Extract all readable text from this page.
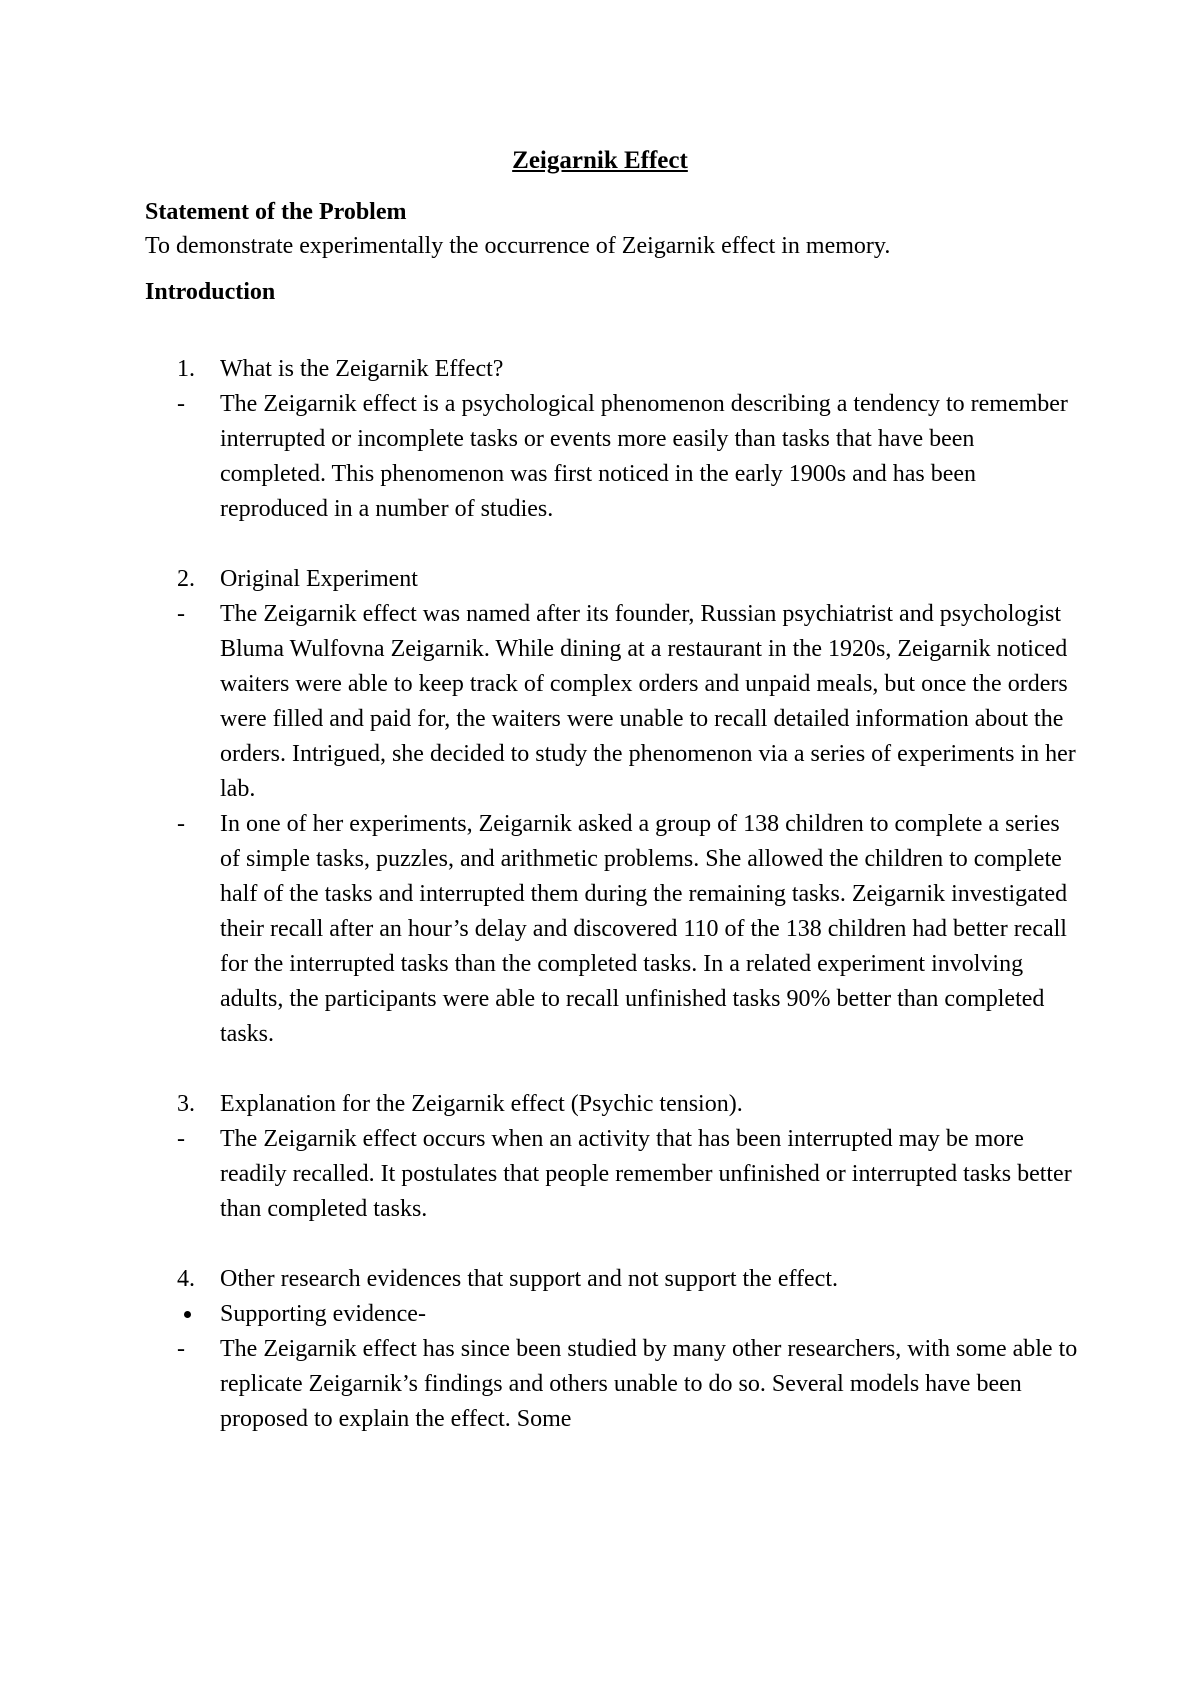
Zeigarnik Effect
Statement of the Problem
To demonstrate experimentally the occurrence of Zeigarnik effect in memory.
Introduction
1.	What is the Zeigarnik Effect?
-	The Zeigarnik effect is a psychological phenomenon describing a tendency to remember interrupted or incomplete tasks or events more easily than tasks that have been completed. This phenomenon was first noticed in the early 1900s and has been reproduced in a number of studies.
2.	Original Experiment
-	The Zeigarnik effect was named after its founder, Russian psychiatrist and psychologist Bluma Wulfovna Zeigarnik. While dining at a restaurant in the 1920s, Zeigarnik noticed waiters were able to keep track of complex orders and unpaid meals, but once the orders were filled and paid for, the waiters were unable to recall detailed information about the orders. Intrigued, she decided to study the phenomenon via a series of experiments in her lab.
-	In one of her experiments, Zeigarnik asked a group of 138 children to complete a series of simple tasks, puzzles, and arithmetic problems. She allowed the children to complete half of the tasks and interrupted them during the remaining tasks. Zeigarnik investigated their recall after an hour’s delay and discovered 110 of the 138 children had better recall for the interrupted tasks than the completed tasks. In a related experiment involving adults, the participants were able to recall unfinished tasks 90% better than completed tasks.
3.	Explanation for the Zeigarnik effect (Psychic tension).
-	The Zeigarnik effect occurs when an activity that has been interrupted may be more readily recalled. It postulates that people remember unfinished or interrupted tasks better than completed tasks.
4.	Other research evidences that support and not support the effect.
Supporting evidence-
-	The Zeigarnik effect has since been studied by many other researchers, with some able to replicate Zeigarnik’s findings and others unable to do so. Several models have been proposed to explain the effect. Some
